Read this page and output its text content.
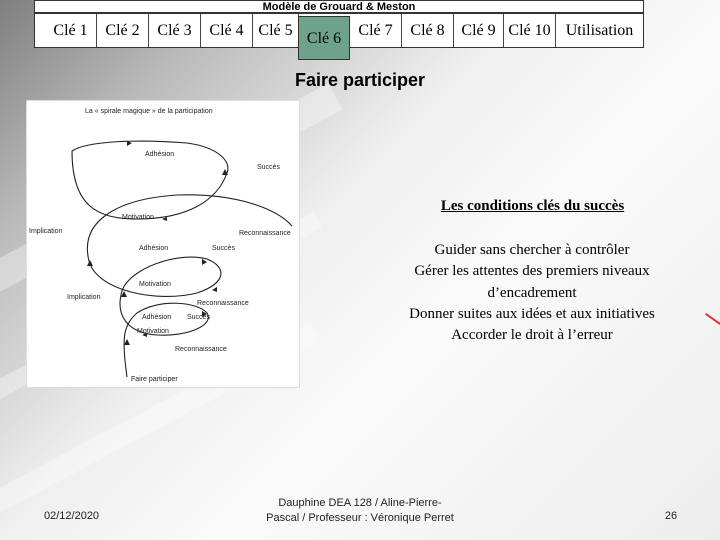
Modèle de Grouard & Meston
Clé 1	Clé 2	Clé 3	Clé 4 Clé 5 Clé 6	Clé 7	Clé 8	Clé 9 Clé 10 Utilisation
Faire participer
La « spirale magique » de la participation
Adhésion
Succès
Motivation
Implication	Reconnaissance
Adhésion	Succès
Motivation
Implication
Reconnaissance
Adhésion Succès
Motivation
Reconnaissance
Faire participer
Les conditions clés du succès
Guider sans chercher à contrôler
Gérer les attentes des premiers niveaux
d’encadrement
Donner suites aux idées et aux initiatives
Accorder le droit à l’erreur
02/12/2020
Dauphine DEA 128 / Aline-Pierre-
Pascal / Professeur : Véronique Perret	26
